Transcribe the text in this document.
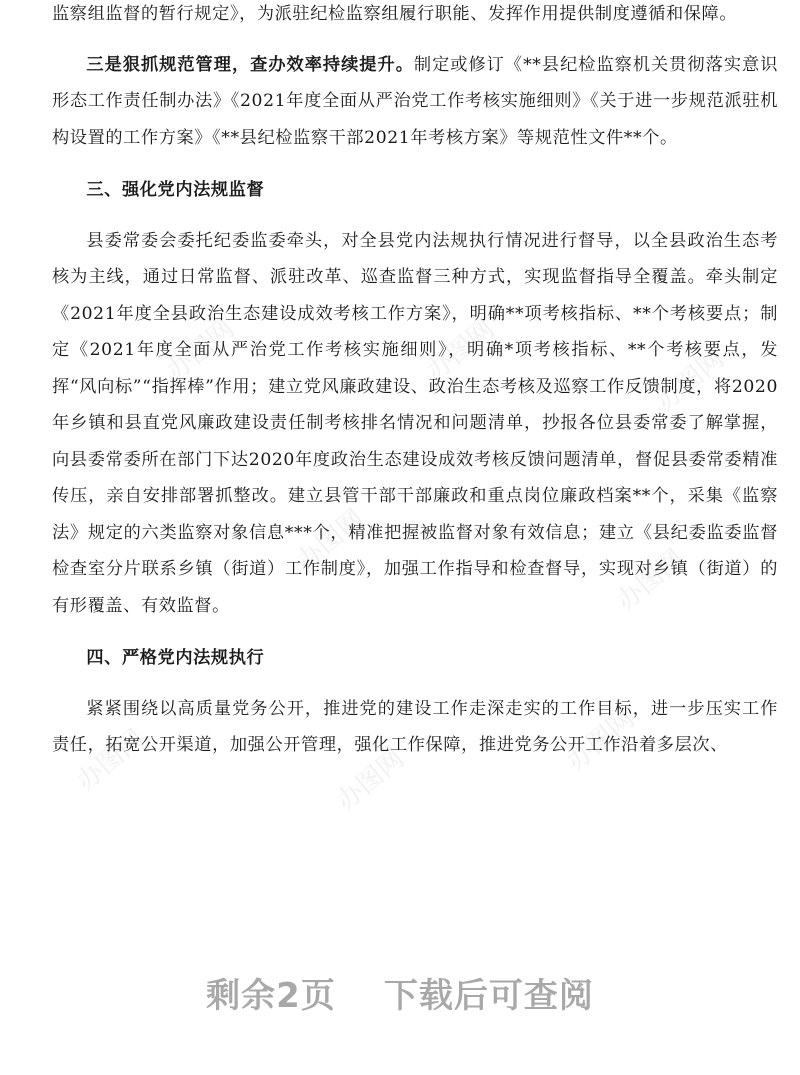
办图网	办图网	办图网
办图网
办图网
办图网	办图网
办图网

监察组监督的暂行规定》，为派驻纪检监察组履行职能、发挥作用提供制度遵循和保障。

三是狠抓规范管理，查办效率持续提升。制定或修订《**县纪检监察机关贯彻落实意识形态工作责任制办法》《2021年度全面从严治党工作考核实施细则》《关于进一步规范派驻机构设置的工作方案》《**县纪检监察干部2021年考核方案》等规范性文件**个。

三、强化党内法规监督

县委常委会委托纪委监委牵头，对全县党内法规执行情况进行督导，以全县政治生态考核为主线，通过日常监督、派驻改革、巡查监督三种方式，实现监督指导全覆盖。牵头制定《2021年度全县政治生态建设成效考核工作方案》，明确**项考核指标、**个考核要点；制定《2021年度全面从严治党工作考核实施细则》，明确*项考核指标、**个考核要点，发挥“风向标”“指挥棒”作用；建立党风廉政建设、政治生态考核及巡察工作反馈制度，将2020年乡镇和县直党风廉政建设责任制考核排名情况和问题清单，抄报各位县委常委了解掌握，向县委常委所在部门下达2020年度政治生态建设成效考核反馈问题清单，督促县委常委精准传压，亲自安排部署抓整改。建立县管干部干部廉政和重点岗位廉政档案**个，采集《监察法》规定的六类监察对象信息***个，精准把握被监督对象有效信息；建立《县纪委监委监督检查室分片联系乡镇（街道）工作制度》，加强工作指导和检查督导，实现对乡镇（街道）的有形覆盖、有效监督。

四、严格党内法规执行

紧紧围绕以高质量党务公开，推进党的建设工作走深走实的工作目标，进一步压实工作责任，拓宽公开渠道，加强公开管理，强化工作保障，推进党务公开工作沿着多层次、

剩余2页 下载后可查阅
